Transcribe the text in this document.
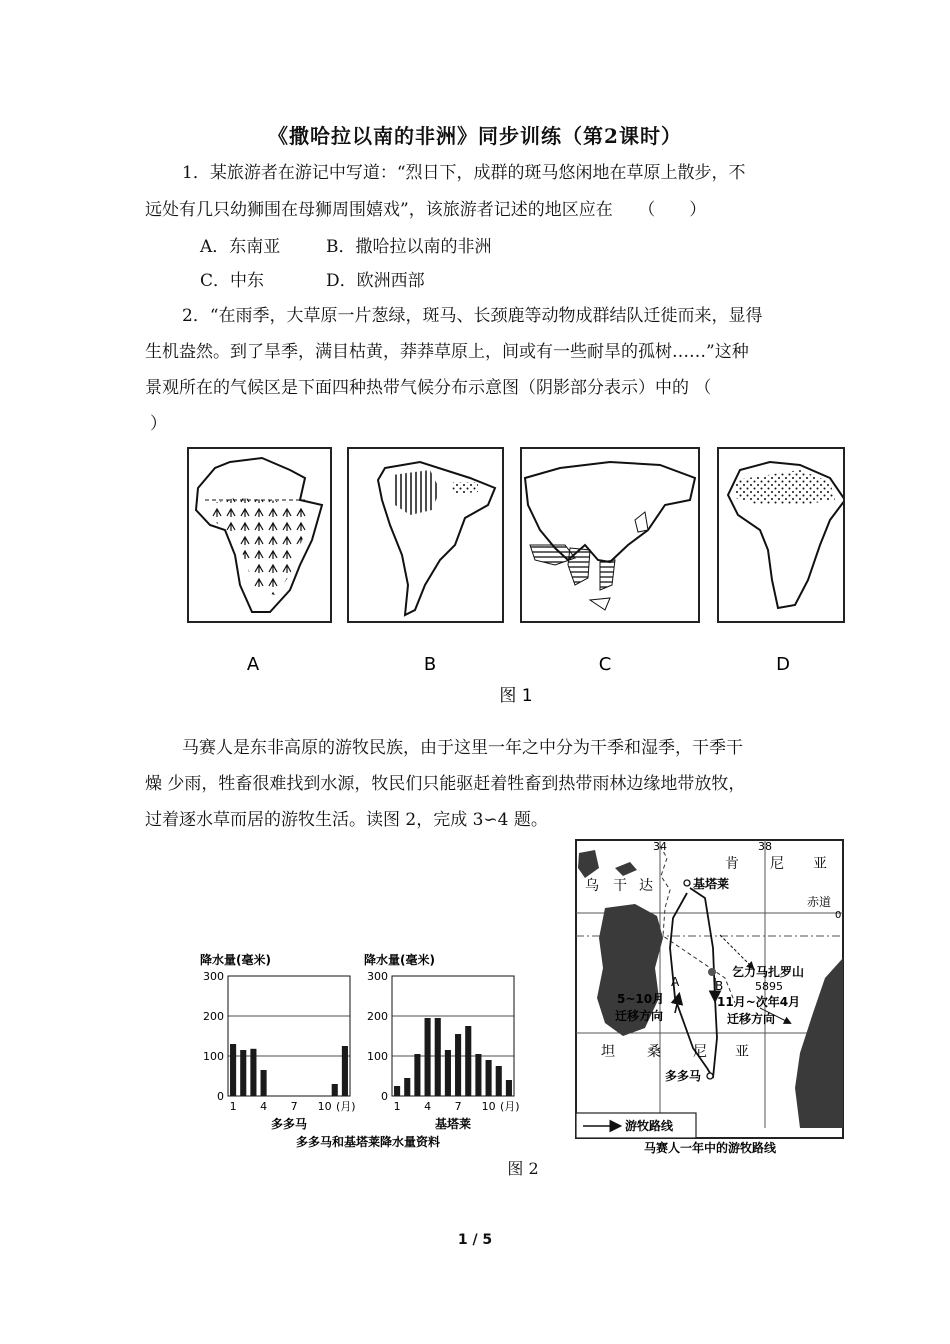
《撒哈拉以南的非洲》同步训练（第2课时）
1．某旅游者在游记中写道：“烈日下，成群的斑马悠闲地在草原上散步，不
远处有几只幼狮围在母狮周围嬉戏”，该旅游者记述的地区应在　　（　　）
A．东南亚	B．撒哈拉以南的非洲
C．中东	D．欧洲西部
2．“在雨季，大草原一片葱绿，斑马、长颈鹿等动物成群结队迁徙而来，显得
生机盎然。到了旱季，满目枯黄，莽莽草原上，间或有一些耐旱的孤树……”这种
景观所在的气候区是下面四种热带气候分布示意图（阴影部分表示）中的 （
）
A	B	C	D
图 1
马赛人是东非高原的游牧民族，由于这里一年之中分为干季和湿季，干季干
燥 少雨，牲畜很难找到水源，牧民们只能驱赶着牲畜到热带雨林边缘地带放牧，
过着逐水草而居的游牧生活。读图 2，完成 3∽4 题。
降水量(毫米)
0
100
200
300
1 4 7 10 (月)
多多马
降水量(毫米)
0
100
200
300
1 4 7 10 (月)
基塔莱
多多马和基塔莱降水量资料
34	38
肯 尼 亚
乌 干 达	基塔莱
赤道
0
乞力马扎罗山
5895
A	B
5~10月
迁移方向
11月~次年4月
迁移方向
坦 桑 尼 亚
多多马
游牧路线
马赛人一年中的游牧路线
图 2
1 / 5
